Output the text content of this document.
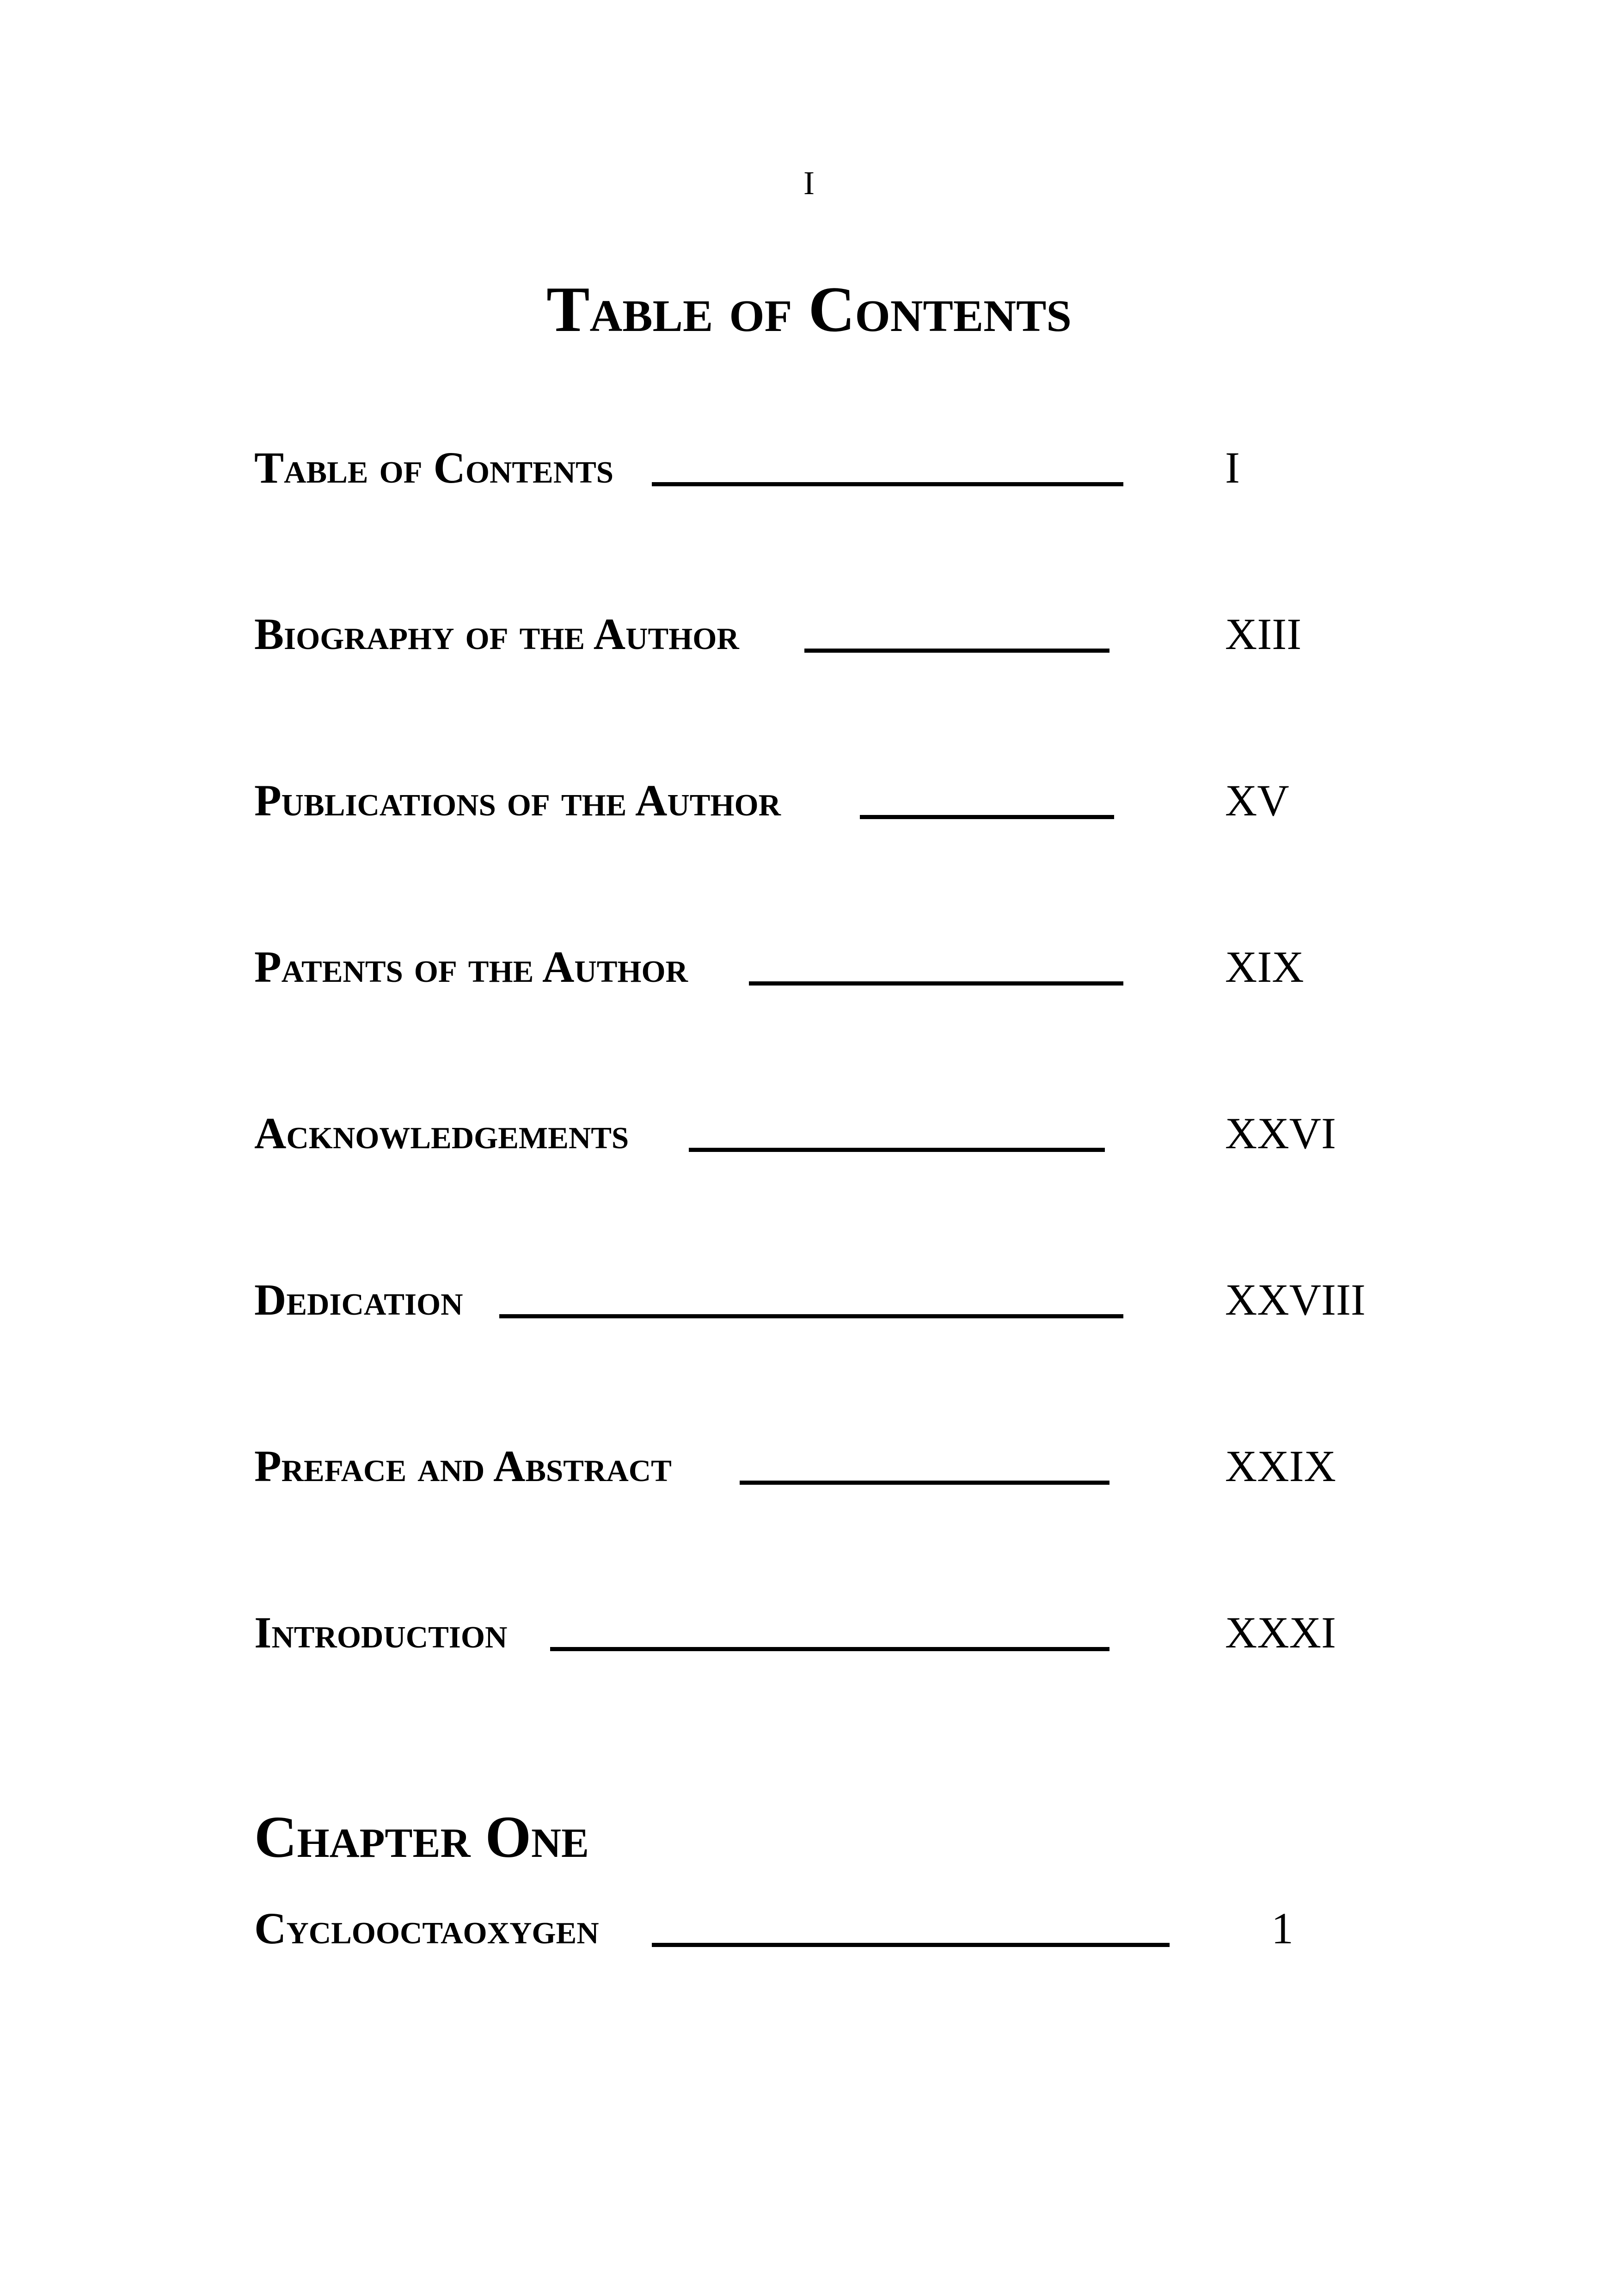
I
Table of Contents
Table of Contents	I
Biography of the Author	XIII
Publications of the Author	XV
Patents of the Author	XIX
Acknowledgements	XXVI
Dedication	XXVIII
Preface and Abstract	XXIX
Introduction	XXXI
Chapter One
Cyclooctaoxygen	1
